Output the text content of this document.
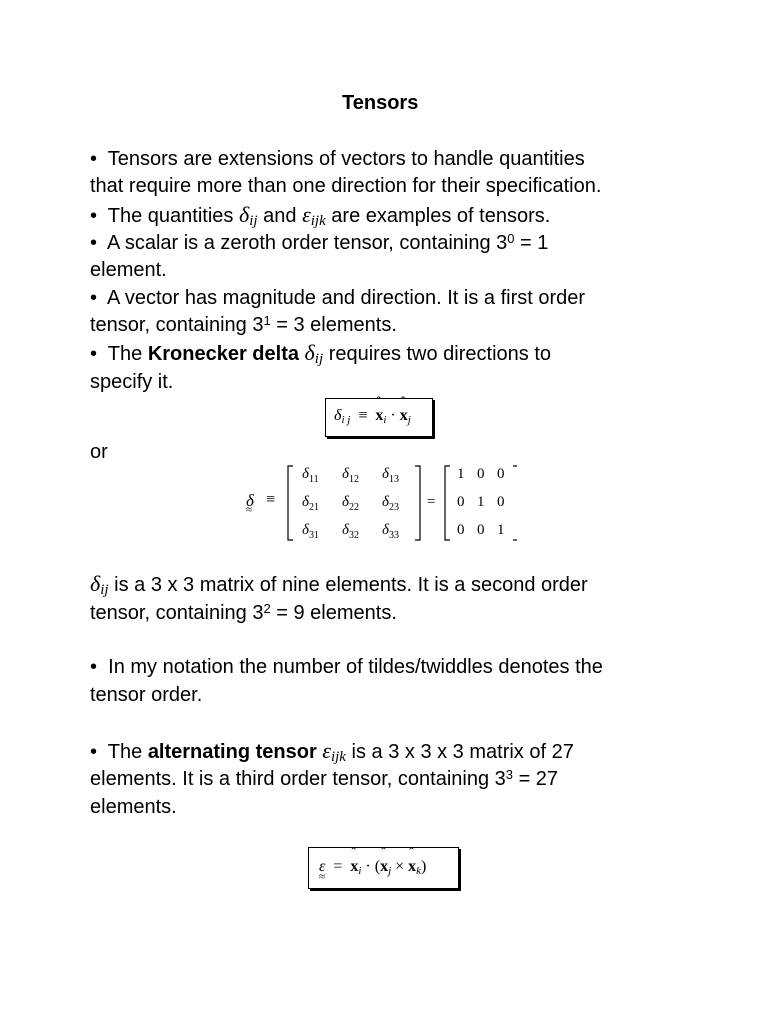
Tensors
• Tensors are extensions of vectors to handle quantities
that require more than one direction for their specification.
• The quantities $\delta_{ij}$ and $\varepsilon_{ijk}$ are examples of tensors.
• A scalar is a zeroth order tensor, containing $3^0 = 1$
element.
• A vector has magnitude and direction. It is a first order
tensor, containing $3^1 = 3$ elements.
• The Kronecker delta $\delta_{ij}$ requires two directions to
specify it.
$\delta_{i j}$ ≡ ˆ $x_i$ · ˆ $x_j$
or
δ ≈ ≡
$\delta_{11}$ $\delta_{12}$ $\delta_{13}$
$\delta_{21}$ $\delta_{22}$ $\delta_{23}$
$\delta_{31}$ $\delta_{32}$ $\delta_{33}$
=
1 0 0
0 1 0
0 0 1
$\delta_{ij}$ is a 3 x 3 matrix of nine elements. It is a second order
tensor, containing $3^2 = 9$ elements.
• In my notation the number of tildes/twiddles denotes the
tensor order.
• The alternating tensor $\varepsilon_{ijk}$ is a 3 x 3 x 3 matrix of 27
elements. It is a third order tensor, containing $3^3 = 27$
elements.
ε ≈ = ˆ $x_i$ · (ˆ $x_j$ × ˆ $x_k$)
